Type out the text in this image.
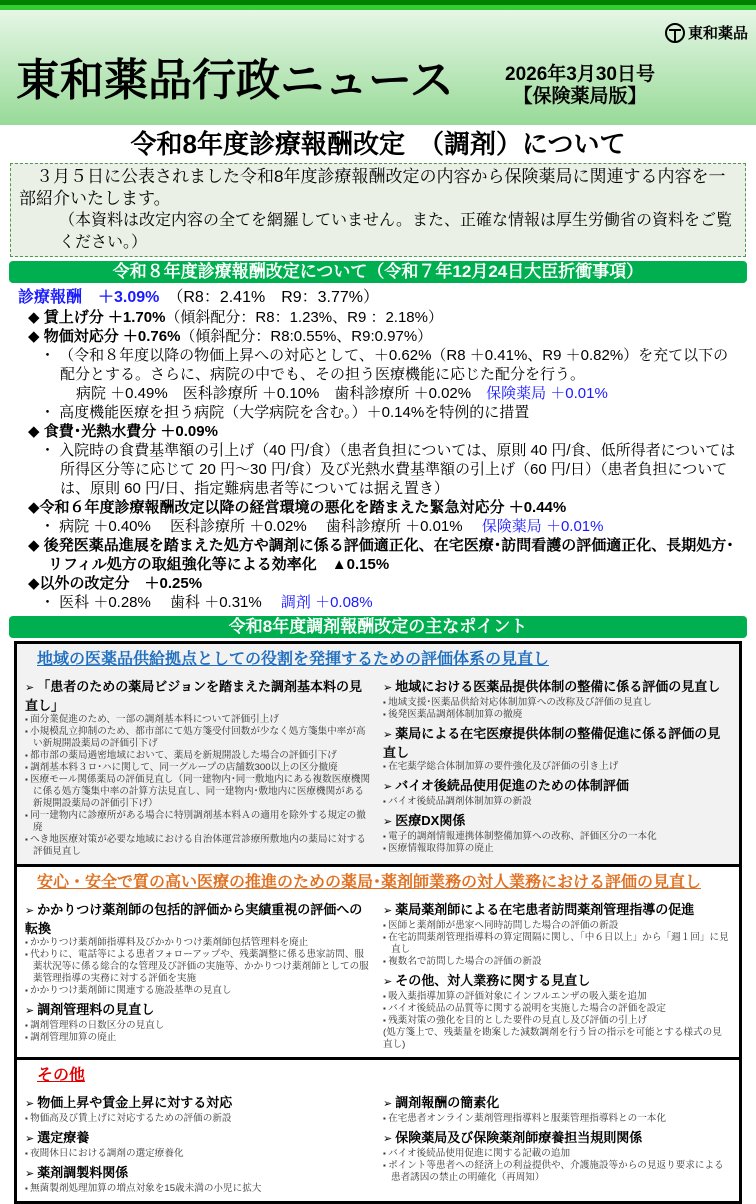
東和薬品
東和薬品行政ニュース	2026年3月30日号
【保険薬局版】
令和8年度診療報酬改定　（調剤）について
　３月５日に公表されました令和8年度診療報酬改定の内容から保険薬局に関連する内容を一部紹介いたします。
（本資料は改定内容の全てを網羅していません。また、正確な情報は厚生労働省の資料をご覧ください。）
令和８年度診療報酬改定について（令和７年12月24日大臣折衝事項）
診療報酬　＋3.09%　（R8：2.41%　R9：3.77%）
◆ 賃上げ分 ＋1.70%（傾斜配分：R8：1.23%、R9 ：2.18%）
◆ 物価対応分 ＋0.76%（傾斜配分：R8:0.55%、R9:0.97%）
・ （令和８年度以降の物価上昇への対応として、＋0.62%（R8 ＋0.41%、R9 ＋0.82%）を充て以下の配分とする。さらに、病院の中でも、その担う医療機能に応じた配分を行う。
病院 ＋0.49%　医科診療所 ＋0.10%　歯科診療所 ＋0.02%　保険薬局 ＋0.01%
・ 高度機能医療を担う病院（大学病院を含む。）＋0.14%を特例的に措置
◆ 食費･光熱水費分 ＋0.09%
・ 入院時の食費基準額の引上げ（40 円/食）（患者負担については、原則 40 円/食、低所得者については所得区分等に応じて 20 円～30 円/食）及び光熱水費基準額の引上げ（60 円/日）（患者負担については、原則 60 円/日、指定難病患者等については据え置き）
◆令和６年度診療報酬改定以降の経営環境の悪化を踏まえた緊急対応分 ＋0.44%
・ 病院 ＋0.40%　 医科診療所 ＋0.02%　 歯科診療所 ＋0.01%　 保険薬局 ＋0.01%
◆ 後発医薬品進展を踏まえた処方や調剤に係る評価適正化、在宅医療･訪問看護の評価適正化、長期処方･リフィル処方の取組強化等による効率化　▲0.15%
◆以外の改定分　＋0.25%
・ 医科 ＋0.28%　 歯科 ＋0.31%　 調剤 ＋0.08%
令和8年度調剤報酬改定の主なポイント
地域の医薬品供給拠点としての役割を発揮するための評価体系の見直し
➢ 「患者のための薬局ビジョンを踏まえた調剤基本料の見直し」
▪ 面分業促進のため、一部の調剤基本料について評価引上げ
▪ 小規模乱立抑制のため、都市部にて処方箋受付回数が少なく処方箋集中率が高い新規開設薬局の評価引下げ
▪ 都市部の薬局過密地域において、薬局を新規開設した場合の評価引下げ
▪ 調剤基本料３ロ･ハに関して、同一グループの店舗数300以上の区分撤廃
▪ 医療モール関係薬局の評価見直し（同一建物内･同一敷地内にある複数医療機関に係る処方箋集中率の計算方法見直し、同一建物内･敷地内に医療機関がある新規開設薬局の評価引下げ）
▪ 同一建物内に診療所がある場合に特別調剤基本料Ａの適用を除外する規定の撤廃
▪ へき地医療対策が必要な地域における自治体運営診療所敷地内の薬局に対する評価見直し
➢ 地域における医薬品提供体制の整備に係る評価の見直し
▪ 地域支援･医薬品供給対応体制加算への改称及び評価の見直し
▪ 後発医薬品調剤体制加算の撤廃
➢ 薬局による在宅医療提供体制の整備促進に係る評価の見直し
▪ 在宅薬学総合体制加算の要件強化及び評価の引き上げ
➢ バイオ後続品使用促進のための体制評価
▪ バイオ後続品調剤体制加算の新設
➢ 医療DX関係
▪ 電子的調剤情報連携体制整備加算への改称、評価区分の一本化
▪ 医療情報取得加算の廃止
安心・安全で質の高い医療の推進のための薬局･薬剤師業務の対人業務における評価の見直し
➢ かかりつけ薬剤師の包括的評価から実績重視の評価への転換
▪ かかりつけ薬剤師指導料及びかかりつけ薬剤師包括管理料を廃止
▪ 代わりに、電話等による患者フォローアップや、残薬調整に係る患家訪問、服薬状況等に係る総合的な管理及び評価の実施等、かかりつけ薬剤師としての服薬管理指導の実務に対する評価を実施
▪ かかりつけ薬剤師に関連する施設基準の見直し
➢ 調剤管理料の見直し
▪ 調剤管理料の日数区分の見直し
▪ 調剤管理加算の廃止
➢ 薬局薬剤師による在宅患者訪問薬剤管理指導の促進
▪ 医師と薬剤師が患家へ同時訪問した場合の評価の新設
▪ 在宅訪問薬剤管理指導料の算定間隔に関し、「中６日以上」から「週１回」に見直し
▪ 複数名で訪問した場合の評価の新設
➢ その他、対人業務に関する見直し
▪ 吸入薬指導加算の評価対象にインフルエンザの吸入薬を追加
▪ バイオ後続品の品質等に関する説明を実施した場合の評価を設定
▪ 残薬対策の強化を目的とした要件の見直し及び評価の引上げ
(処方箋上で、残薬量を勘案した減数調剤を行う旨の指示を可能とする様式の見直し)
その他
➢ 物価上昇や賃金上昇に対する対応
▪ 物価高及び賃上げに対応するための評価の新設
➢ 選定療養
▪ 夜間休日における調剤の選定療養化
➢ 薬剤調製料関係
▪ 無菌製剤処理加算の増点対象を15歳未満の小児に拡大
➢ 調剤報酬の簡素化
▪ 在宅患者オンライン薬剤管理指導料と服薬管理指導料との一本化
➢ 保険薬局及び保険薬剤師療養担当規則関係
▪ バイオ後続品使用促進に関する記載の追加
▪ ポイント等患者への経済上の利益提供や、介護施設等からの見返り要求による患者誘因の禁止の明確化（再周知）
